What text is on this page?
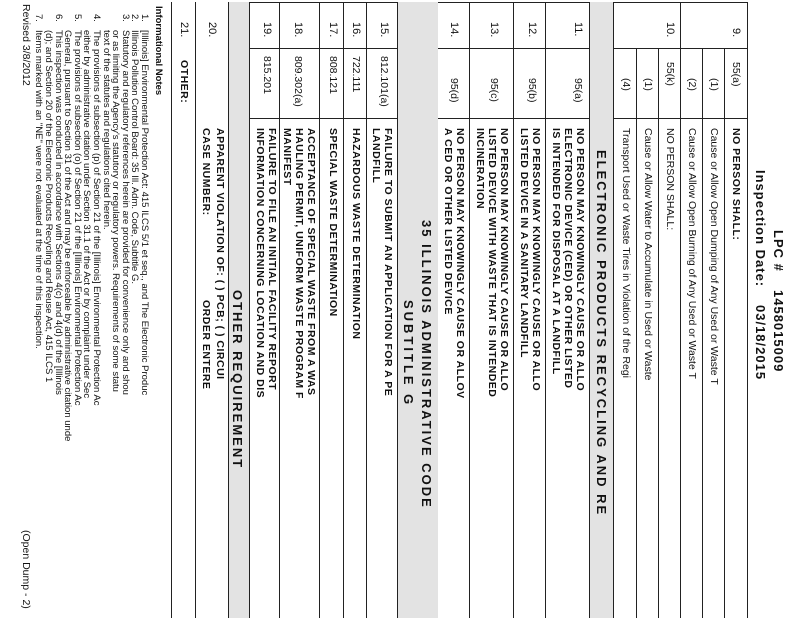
LPC #
1458015009
Inspection Date:
03/18/2015
9.
55(a)
NO PERSON SHALL:
(1)
Cause or Allow Open Dumping of Any Used or Waste T
(2)
Cause or Allow Open Burning of Any Used or Waste T
10.
55(k)
NO PERSON SHALL:
(1)
Cause or Allow Water to Accumulate in Used or Waste
(4)
Transport Used or Waste Tires in Violation of the Regi
ELECTRONIC PRODUCTS RECYCLING AND RE
11.
95(a)
NO PERSON MAY KNOWINGLY CAUSE OR ALLO
ELECTRONIC DEVICE (CED) OR OTHER LISTED
IS INTENDED FOR DISPOSAL AT A LANDFILL
12.
95(b)
NO PERSON MAY KNOWINGLY CAUSE OR ALLO
LISTED DEVICE IN A SANITARY LANDFILL
13.
95(c)
NO PERSON MAY KNOWINGLY CAUSE OR ALLO
LISTED DEVICE WITH WASTE THAT IS INTENDED
INCINERATION
14.
95(d)
NO PERSON MAY KNOWINGLY CAUSE OR ALLOV
A CED OR OTHER LISTED DEVICE
35 ILLINOIS ADMINISTRATIVE CODE
SUBTITLE G
15.
812.101(a)
FAILURE TO SUBMIT AN APPLICATION FOR A PE
LANDFILL
16.
722.111
HAZARDOUS WASTE DETERMINATION
17.
808.121
SPECIAL WASTE DETERMINATION
18.
809.302(a)
ACCEPTANCE OF SPECIAL WASTE FROM A WAS
HAULING PERMIT, UNIFORM WASTE PROGRAM F
MANIFEST
19.
815.201
FAILURE TO FILE AN INITIAL FACILITY REPORT
INFORMATION CONCERNING LOCATION AND DIS
OTHER REQUIREMENT
20.
APPARENT VIOLATION OF: ( ) PCB; ( ) CIRCUI
CASE NUMBER:
ORDER ENTERE
21.
OTHER:
Informational Notes
1.
[Illinois] Environmental Protection Act: 415 ILCS 5/1 et seq., and The Electronic Produc
2.
Illinois Pollution Control Board: 35 Ill. Adm. Code, Subtitle G.
3.
Statutory and regulatory references herein are provided for convenience only and shou
or as limiting the Agency's statutory or regulatory powers. Requirements of some statu
text of the statutes and regulations cited herein.
4.
The provisions of subsection (p) of Section 21 of the [Illinois] Environmental Protection Ac
either by administrative citation under Section 31.1 of the Act or by complaint under Sec
5.
The provisions of subsection (o) of Section 21 of the [Illinois] Environmental Protection Ac
General, pursuant to Section 31 of the Act and may be enforceable by administrative citation unde
6.
This inspection was conducted in accordance with Sections 4(c) and 4(d) of the [Illinois
(d); and Section 20 of the Electronic Products Recycling and Reuse Act, 415 ILCS 1
7.
Items marked with an "NE" were not evaluated at the time of this inspection.
Revised 3/8/2012
(Open Dump - 2)
